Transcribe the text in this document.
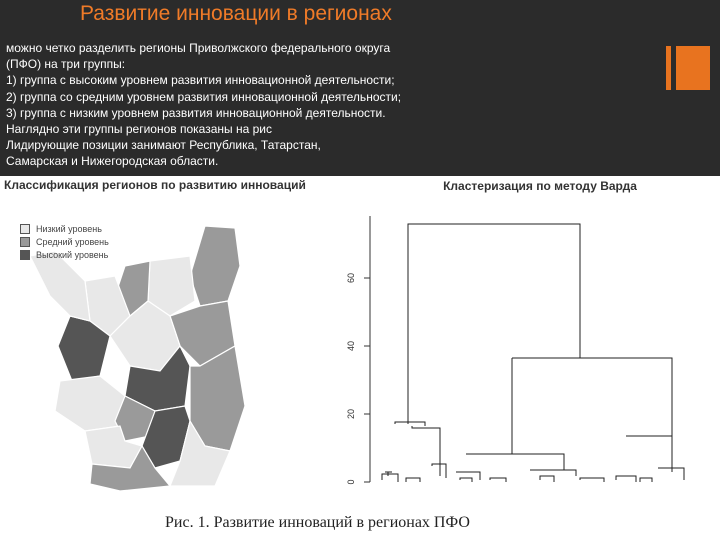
Развитие инновации в регионах
можно четко разделить регионы Приволжского федерального округа
(ПФО) на три группы:
1) группа с высоким уровнем развития инновационной деятельности;
2) группа со средним уровнем развития инновационной деятельности;
3) группа с низким уровнем развития инновационной деятельности.
Наглядно эти группы регионов показаны на рис
Лидирующие позиции занимают Республика, Татарстан,
Самарская и Нижегородская области.
Классификация регионов по развитию инноваций
Низкий уровень
Средний уровень
Высокий уровень
Кластеризация по методу Варда
0
20
40
60
Рис. 1. Развитие инноваций в регионах ПФО
